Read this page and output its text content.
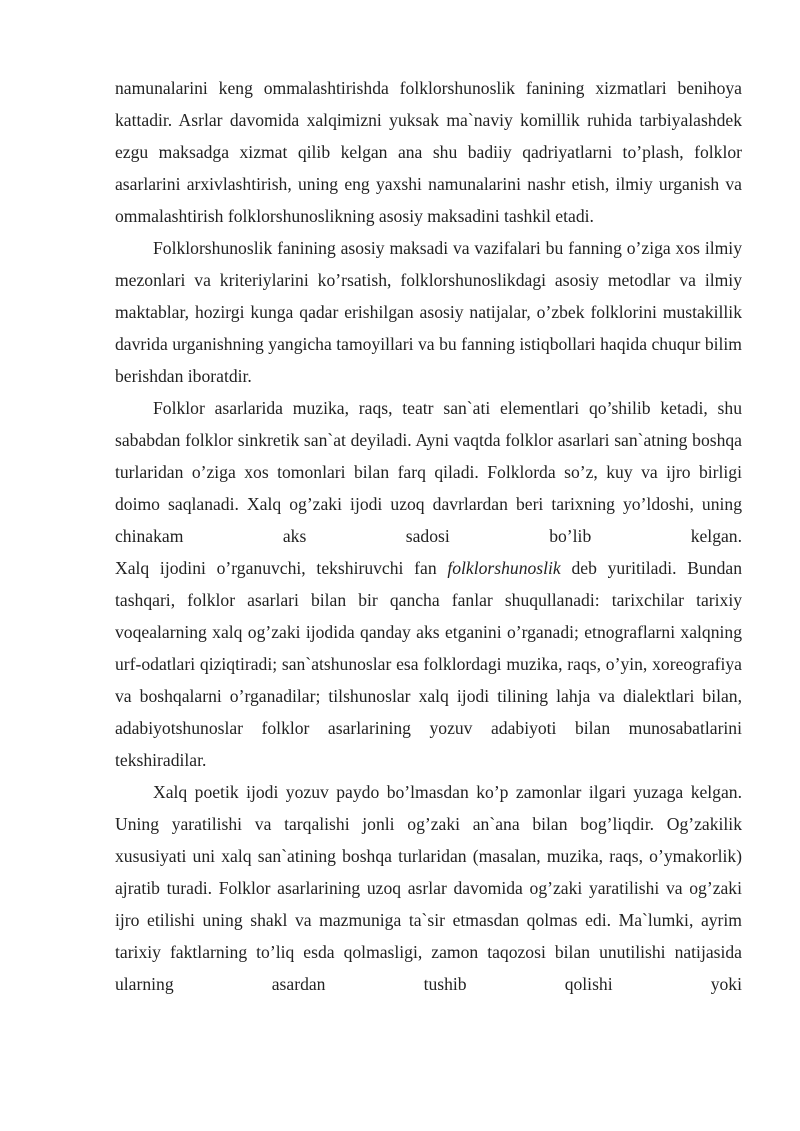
namunalarini keng ommalashtirishda folklorshunoslik fanining xizmatlari benihoya kattadir. Asrlar davomida xalqimizni yuksak ma`naviy komillik ruhida tarbiyalashdek ezgu maksadga xizmat qilib kelgan ana shu badiiy qadriyatlarni to’plash, folklor asarlarini arxivlashtirish, uning eng yaxshi namunalarini nashr etish, ilmiy urganish va ommalashtirish folklorshunoslikning asosiy maksadini tashkil etadi.

Folklorshunoslik fanining asosiy maksadi va vazifalari bu fanning o’ziga xos ilmiy mezonlari va kriteriylarini ko’rsatish, folklorshunoslikdagi asosiy metodlar va ilmiy maktablar, hozirgi kunga qadar erishilgan asosiy natijalar, o’zbek folklorini mustakillik davrida urganishning yangicha tamoyillari va bu fanning istiqbollari haqida chuqur bilim berishdan iboratdir.

Folklor asarlarida muzika, raqs, teatr san`ati elementlari qo’shilib ketadi, shu sababdan folklor sinkretik san`at deyiladi. Ayni vaqtda folklor asarlari san`atning boshqa turlaridan o’ziga xos tomonlari bilan farq qiladi. Folklorda so’z, kuy va ijro birligi doimo saqlanadi. Xalq og’zaki ijodi uzoq davrlardan beri tarixning yo’ldoshi, uning chinakam aks sadosi bo’lib kelgan.

Xalq ijodini o’rganuvchi, tekshiruvchi fan folklorshunoslik deb yuritiladi. Bundan tashqari, folklor asarlari bilan bir qancha fanlar shuqullanadi: tarixchilar tarixiy voqealarning xalq og’zaki ijodida qanday aks etganini o’rganadi; etnograflarni xalqning urf-odatlari qiziqtiradi; san`atshunoslar esa folklordagi muzika, raqs, o’yin, xoreografiya va boshqalarni o’rganadilar; tilshunoslar xalq ijodi tilining lahja va dialektlari bilan, adabiyotshunoslar folklor asarlarining yozuv adabiyoti bilan munosabatlarini tekshiradilar.

Xalq poetik ijodi yozuv paydo bo’lmasdan ko’p zamonlar ilgari yuzaga kelgan. Uning yaratilishi va tarqalishi jonli og’zaki an`ana bilan bog’liqdir. Og’zakilik xususiyati uni xalq san`atining boshqa turlaridan (masalan, muzika, raqs, o’ymakorlik) ajratib turadi. Folklor asarlarining uzoq asrlar davomida og’zaki yaratilishi va og’zaki ijro etilishi uning shakl va mazmuniga ta`sir etmasdan qolmas edi. Ma`lumki, ayrim tarixiy faktlarning to’liq esda qolmasligi, zamon taqozosi bilan unutilishi natijasida ularning asardan tushib qolishi yoki
